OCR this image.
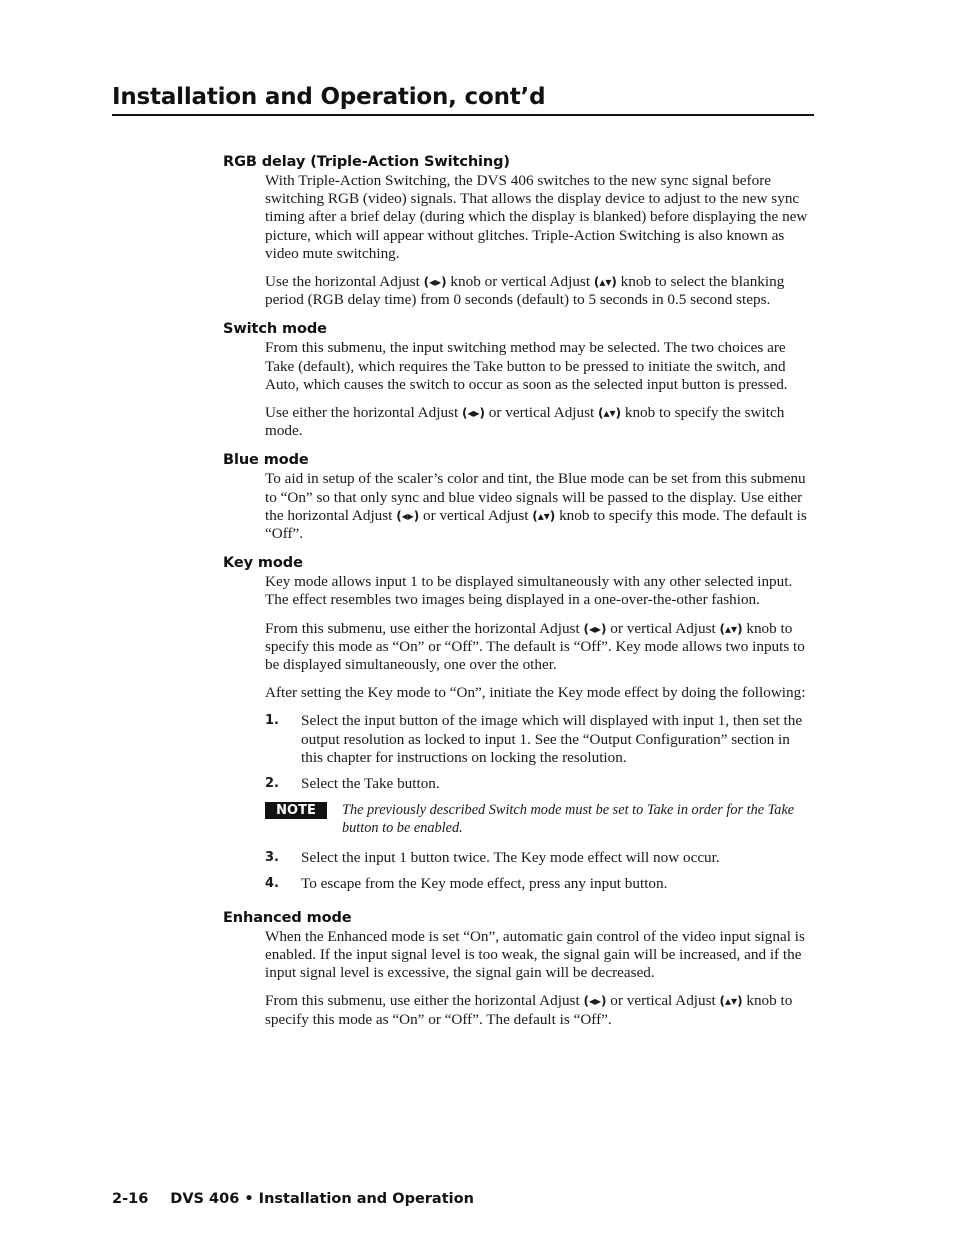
Installation and Operation, cont’d

RGB delay (Triple-Action Switching)

With Triple-Action Switching, the DVS 406 switches to the new sync signal before switching RGB (video) signals. That allows the display device to adjust to the new sync timing after a brief delay (during which the display is blanked) before displaying the new picture, which will appear without glitches. Triple-Action Switching is also known as video mute switching.

Use the horizontal Adjust (◂▸) knob or vertical Adjust (▴▾) knob to select the blanking period (RGB delay time) from 0 seconds (default) to 5 seconds in 0.5 second steps.

Switch mode

From this submenu, the input switching method may be selected. The two choices are Take (default), which requires the Take button to be pressed to initiate the switch, and Auto, which causes the switch to occur as soon as the selected input button is pressed.

Use either the horizontal Adjust (◂▸) or vertical Adjust (▴▾) knob to specify the switch mode.

Blue mode

To aid in setup of the scaler’s color and tint, the Blue mode can be set from this submenu to “On” so that only sync and blue video signals will be passed to the display. Use either the horizontal Adjust (◂▸) or vertical Adjust (▴▾) knob to specify this mode. The default is “Off”.

Key mode

Key mode allows input 1 to be displayed simultaneously with any other selected input. The effect resembles two images being displayed in a one-over-the-other fashion.

From this submenu, use either the horizontal Adjust (◂▸) or vertical Adjust (▴▾) knob to specify this mode as “On” or “Off”. The default is “Off”. Key mode allows two inputs to be displayed simultaneously, one over the other.

After setting the Key mode to “On”, initiate the Key mode effect by doing the following:

1.	Select the input button of the image which will displayed with input 1, then set the output resolution as locked to input 1. See the “Output Configuration” section in this chapter for instructions on locking the resolution.
2.	Select the Take button.
NOTE	The previously described Switch mode must be set to Take in order for the Take button to be enabled.
3.	Select the input 1 button twice. The Key mode effect will now occur.
4.	To escape from the Key mode effect, press any input button.

Enhanced mode

When the Enhanced mode is set “On”, automatic gain control of the video input signal is enabled. If the input signal level is too weak, the signal gain will be increased, and if the input signal level is excessive, the signal gain will be decreased.

From this submenu, use either the horizontal Adjust (◂▸) or vertical Adjust (▴▾) knob to specify this mode as “On” or “Off”. The default is “Off”.

2-16 DVS 406 • Installation and Operation
